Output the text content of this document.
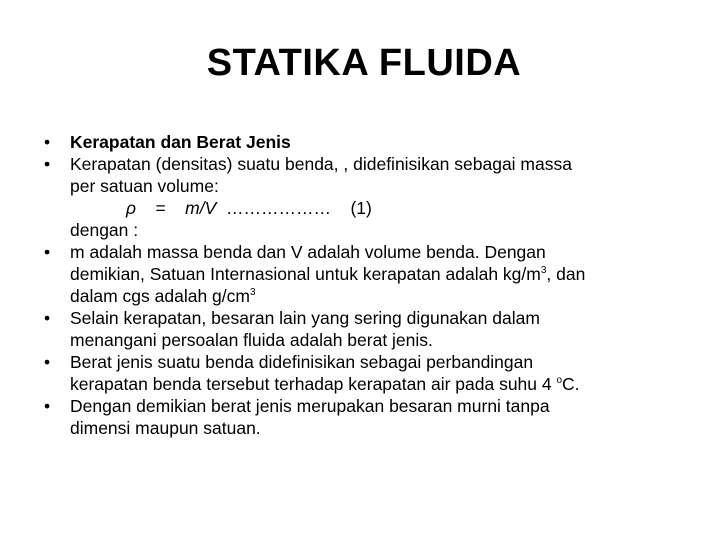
STATIKA FLUIDA
• Kerapatan dan Berat Jenis
• Kerapatan (densitas) suatu benda, , didefinisikan sebagai massa
per satuan volume:
ρ = m/V ……………… (1)
dengan :
• m adalah massa benda dan V adalah volume benda. Dengan
demikian, Satuan Internasional untuk kerapatan adalah $kg/m^3$, dan
dalam cgs adalah $g/cm^3$
• Selain kerapatan, besaran lain yang sering digunakan dalam
menangani persoalan fluida adalah berat jenis.
• Berat jenis suatu benda didefinisikan sebagai perbandingan
kerapatan benda tersebut terhadap kerapatan air pada suhu 4 $^o$C.
• Dengan demikian berat jenis merupakan besaran murni tanpa
dimensi maupun satuan.
